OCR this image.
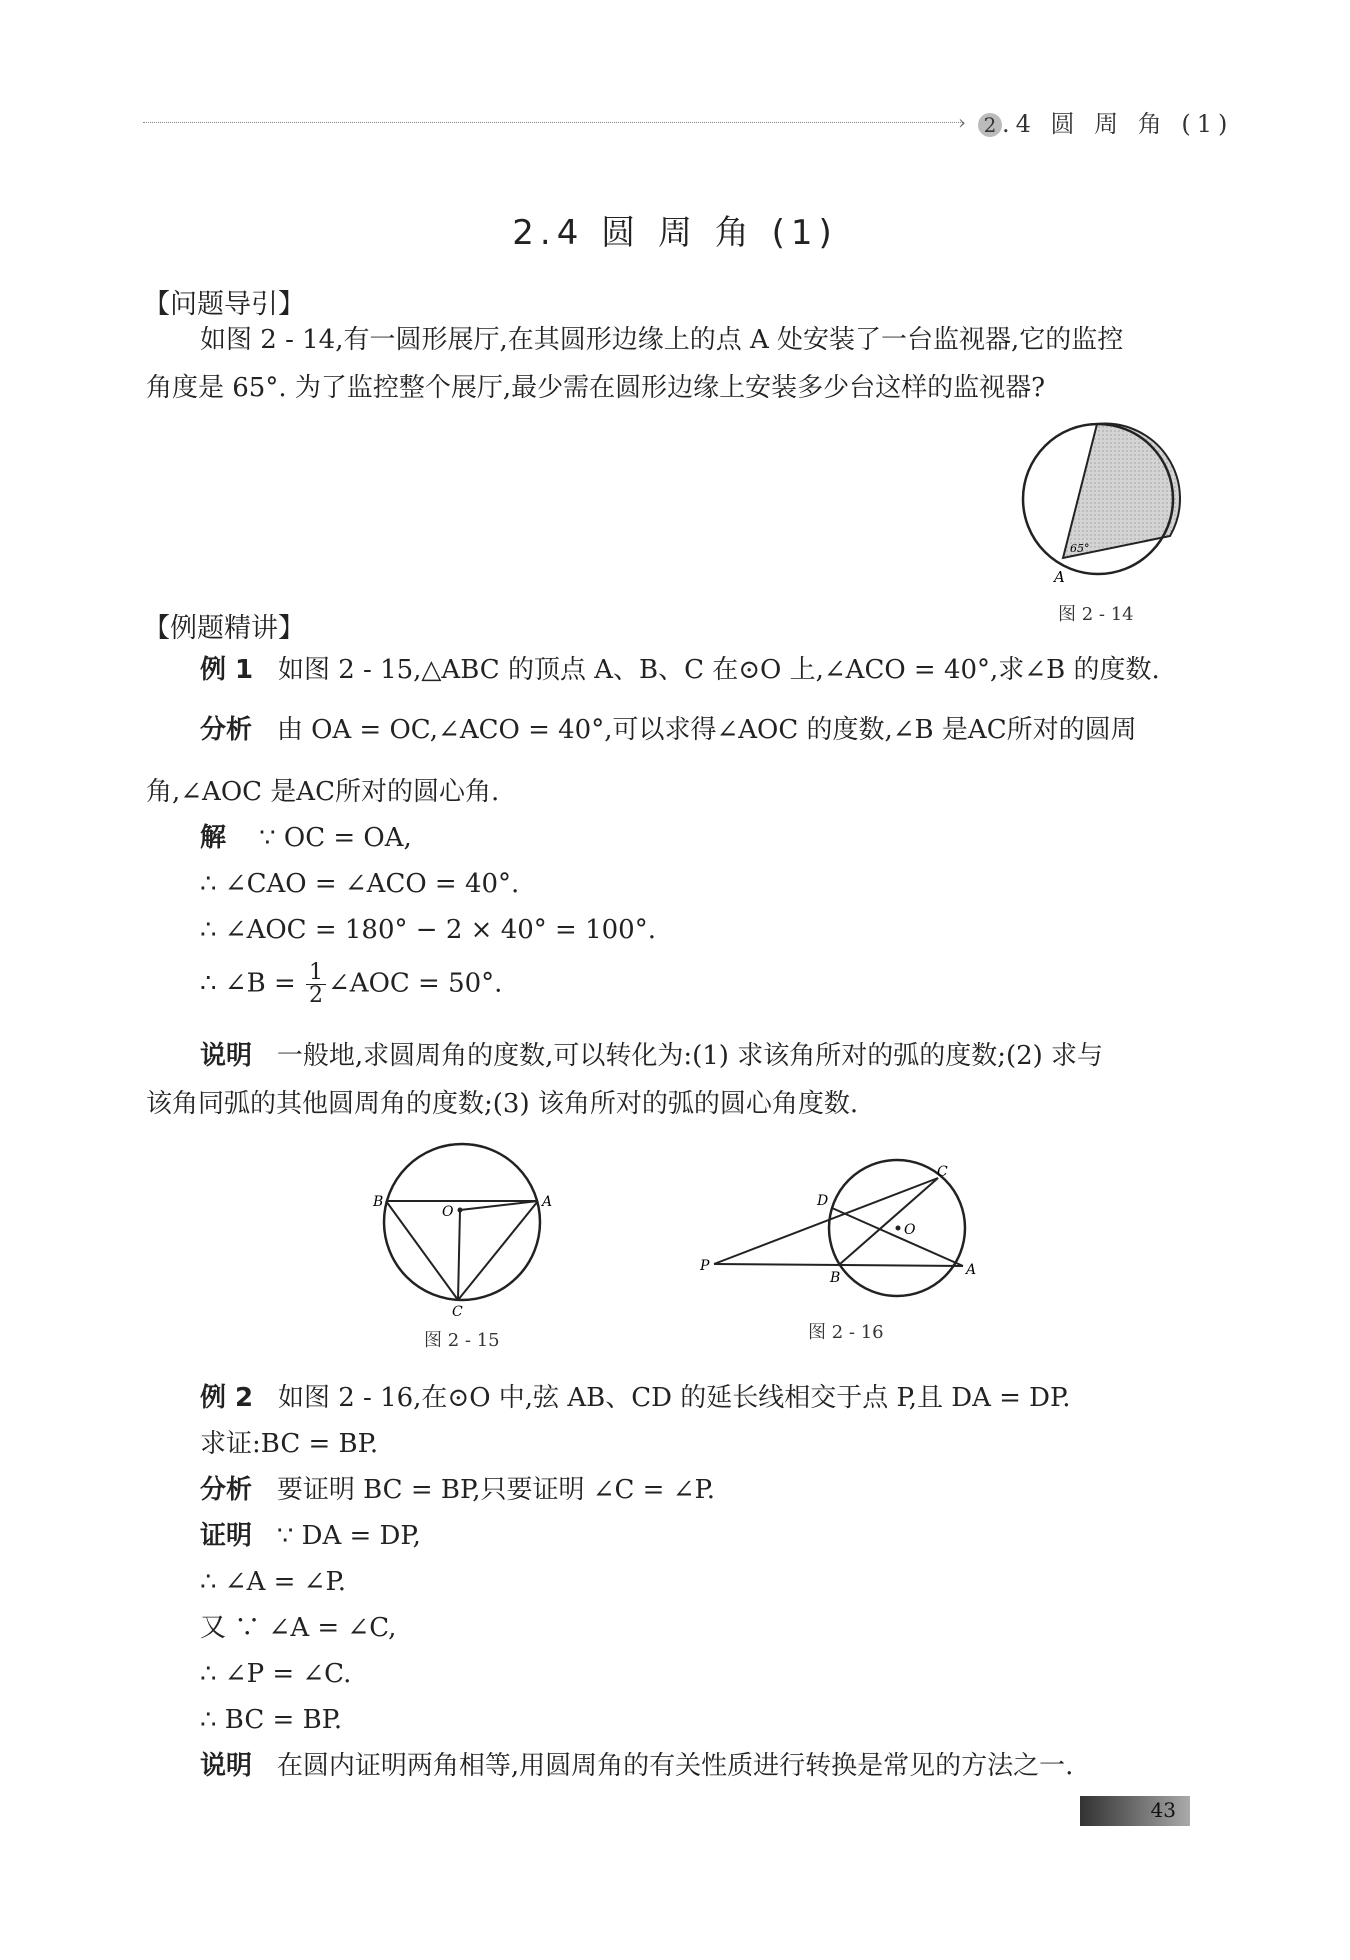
› 2 .4 圆 周 角 (1)
2.4 圆 周 角 (1)
【问题导引】
如图 2 - 14,有一圆形展厅,在其圆形边缘上的点 A 处安装了一台监视器,它的监控
角度是 65°. 为了监控整个展厅,最少需在圆形边缘上安装多少台这样的监视器?
65°
A
图 2 - 14
【例题精讲】
例 1 如图 2 - 15,△ABC 的顶点 A、B、C 在⊙O 上,∠ACO = 40°,求∠B 的度数.
分析 由 OA = OC,∠ACO = 40°,可以求得∠AOC 的度数,∠B 是AC所对的圆周
角,∠AOC 是AC所对的圆心角.
解 ∵ OC = OA,
∴ ∠CAO = ∠ACO = 40°.
∴ ∠AOC = 180° − 2 × 40° = 100°.
∴ ∠B = $\frac{1}{2}$ ∠AOC = 50°.
说明 一般地,求圆周角的度数,可以转化为:(1) 求该角所对的弧的度数;(2) 求与
该角同弧的其他圆周角的度数;(3) 该角所对的弧的圆心角度数.
B	A
O
C
图 2 - 15
P
D
C
O
B	A
图 2 - 16
例 2 如图 2 - 16,在⊙O 中,弦 AB、CD 的延长线相交于点 P,且 DA = DP.
求证:BC = BP.
分析 要证明 BC = BP,只要证明 ∠C = ∠P.
证明 ∵ DA = DP,
∴ ∠A = ∠P.
又 ∵ ∠A = ∠C,
∴ ∠P = ∠C.
∴ BC = BP.
说明 在圆内证明两角相等,用圆周角的有关性质进行转换是常见的方法之一.
43
